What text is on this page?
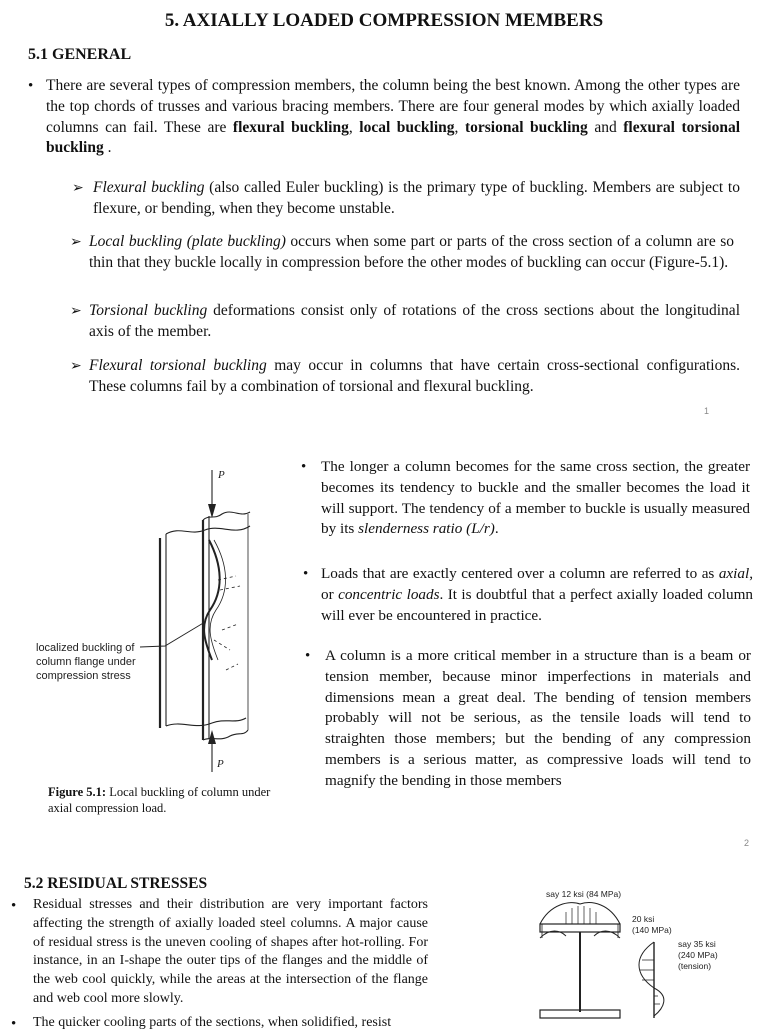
5. AXIALLY LOADED COMPRESSION MEMBERS
5.1 GENERAL
• There are several types of compression members, the column being the best known. Among the other types are the top chords of trusses and various bracing members. There are four general modes by which axially loaded columns can fail. These are flexural buckling, local buckling, torsional buckling and flexural torsional buckling .
➢ Flexural buckling (also called Euler buckling) is the primary type of buckling. Members are subject to flexure, or bending, when they become unstable.
➢ Local buckling (plate buckling) occurs when some part or parts of the cross section of a column are so thin that they buckle locally in compression before the other modes of buckling can occur (Figure-5.1).
➢ Torsional buckling deformations consist only of rotations of the cross sections about the longitudinal axis of the member.
➢ Flexural torsional buckling may occur in columns that have certain cross-sectional configurations. These columns fail by a combination of torsional and flexural buckling.
1
P
P
localized buckling of
column flange under
compression stress
Figure 5.1: Local buckling of column under
axial compression load.
• The longer a column becomes for the same cross section, the greater becomes its tendency to buckle and the smaller becomes the load it will support. The tendency of a member to buckle is usually measured by its slenderness ratio (L/r).
• Loads that are exactly centered over a column are referred to as axial, or concentric loads. It is doubtful that a perfect axially loaded column will ever be encountered in practice.
• A column is a more critical member in a structure than is a beam or tension member, because minor imperfections in materials and dimensions mean a great deal. The bending of tension members probably will not be serious, as the tensile loads will tend to straighten those members; but the bending of any compression members is a serious matter, as compressive loads will tend to magnify the bending in those members
2
5.2 RESIDUAL STRESSES
• Residual stresses and their distribution are very important factors affecting the strength of axially loaded steel columns. A major cause of residual stress is the uneven cooling of shapes after hot-rolling. For instance, in an I-shape the outer tips of the flanges and the middle of the web cool quickly, while the areas at the intersection of the flange and web cool more slowly.
• The quicker cooling parts of the sections, when solidified, resist
say 12 ksi (84 MPa)
20 ksi
(140 MPa)
say 35 ksi
(240 MPa)
(tension)
